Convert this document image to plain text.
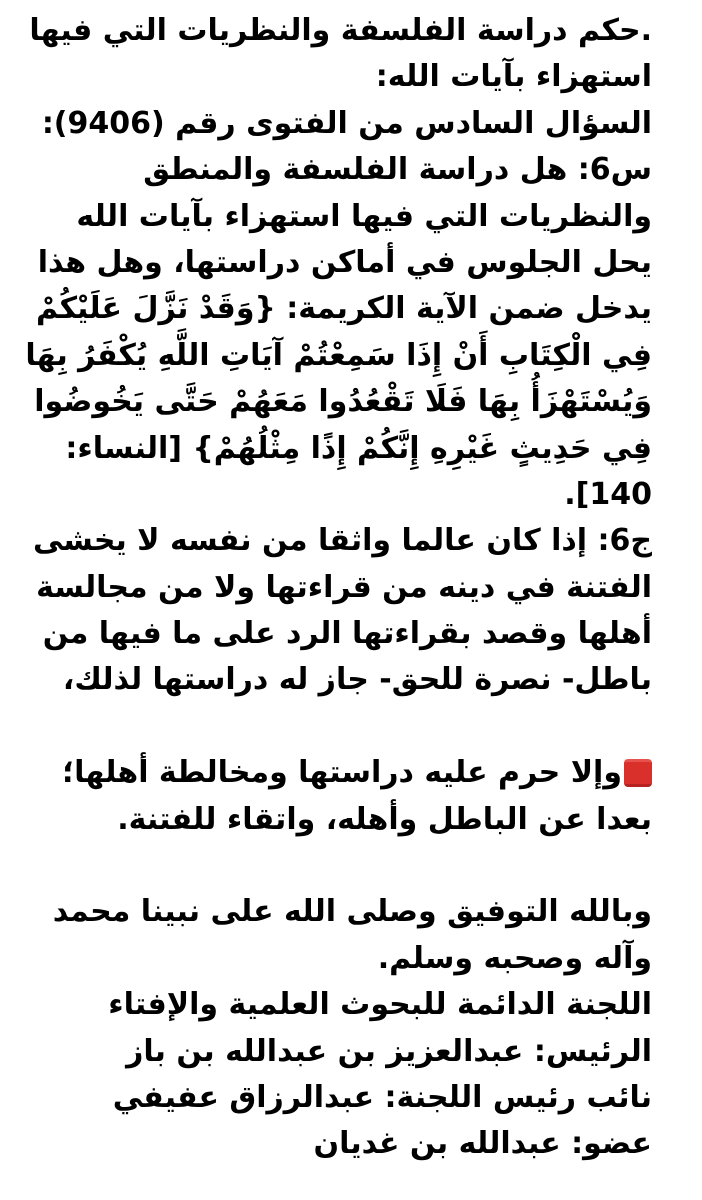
.حكم دراسة الفلسفة والنظريات التي فيها
استهزاء بآيات الله:
السؤال السادس من الفتوى رقم (9406):
س6: هل دراسة الفلسفة والمنطق
والنظريات التي فيها استهزاء بآيات الله
يحل الجلوس في أماكن دراستها، وهل هذا
يدخل ضمن الآية الكريمة: {وَقَدْ نَزَّلَ عَلَيْكُمْ
فِي الْكِتَابِ أَنْ إِذَا سَمِعْتُمْ آيَاتِ اللَّهِ يُكْفَرُ بِهَا
وَيُسْتَهْزَأُ بِهَا فَلَا تَقْعُدُوا مَعَهُمْ حَتَّى يَخُوضُوا
فِي حَدِيثٍ غَيْرِهِ إِنَّكُمْ إِذًا مِثْلُهُمْ} [النساء:
140].
ج6: إذا كان عالما واثقا من نفسه لا يخشى
الفتنة في دينه من قراءتها ولا من مجالسة
أهلها وقصد بقراءتها الرد على ما فيها من
باطل- نصرة للحق- جاز له دراستها لذلك،
وإلا حرم عليه دراستها ومخالطة أهلها؛
بعدا عن الباطل وأهله، واتقاء للفتنة.
وبالله التوفيق وصلى الله على نبينا محمد
وآله وصحبه وسلم.
اللجنة الدائمة للبحوث العلمية والإفتاء
الرئيس: عبدالعزيز بن عبدالله بن باز
نائب رئيس اللجنة: عبدالرزاق عفيفي
عضو: عبدالله بن غديان
